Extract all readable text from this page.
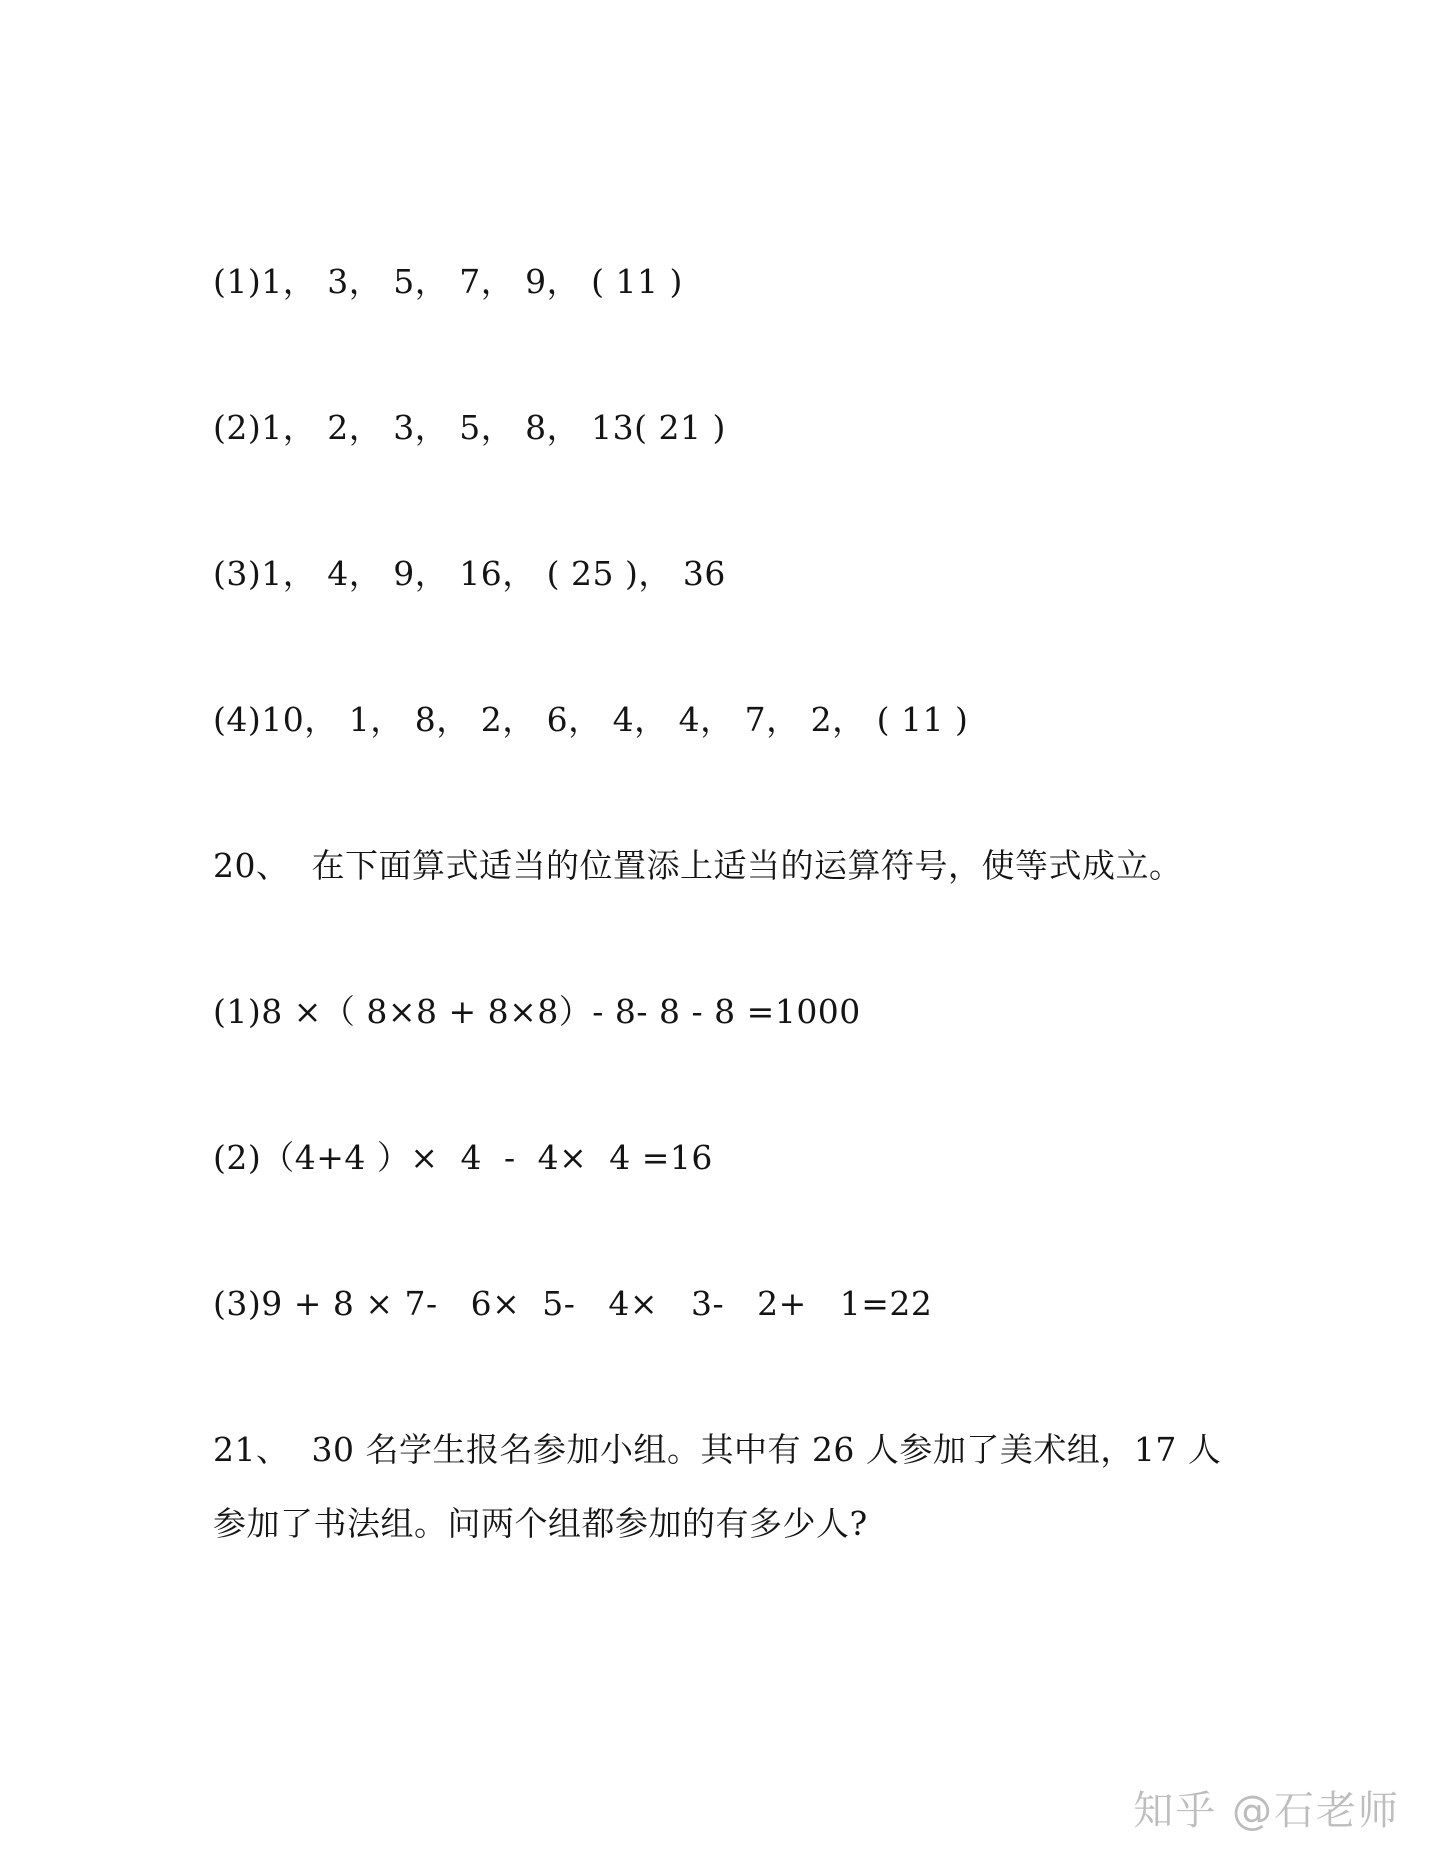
(1)1， 3， 5， 7， 9， ( 11 )
(2)1， 2， 3， 5， 8， 13( 21 )
(3)1， 4， 9， 16， ( 25 )， 36
(4)10， 1， 8， 2， 6， 4， 4， 7， 2， ( 11 )
20、  在下面算式适当的位置添上适当的运算符号，使等式成立。
(1)8 ×（ 8×8 + 8×8）- 8- 8 - 8 =1000
(2)（4+4 ）×  4  -  4×  4 =16
(3)9 + 8 × 7-   6×  5-   4×   3-   2+   1=22
21、  30 名学生报名参加小组。其中有 26 人参加了美术组，17 人
参加了书法组。问两个组都参加的有多少人?
知乎 @石老师
